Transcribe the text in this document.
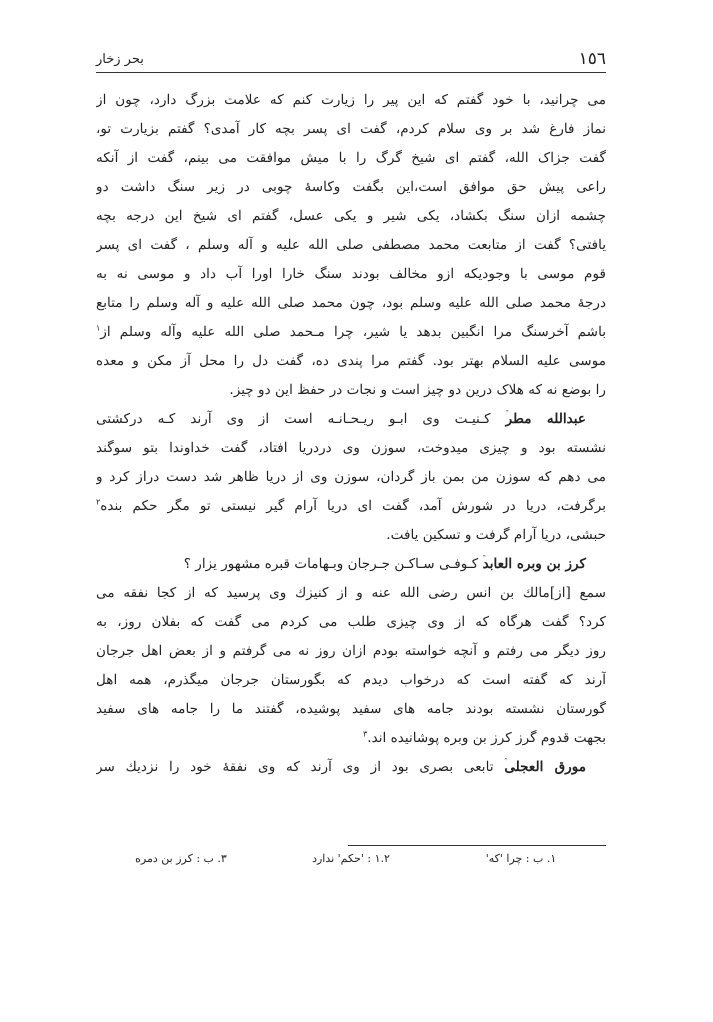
١٥٦
بحر زخار
می چرانید، با خود گفتم که این پیر را زیارت کنم که علامت بزرگ دارد، چون از
نماز فارغ شد بر وی سلام کردم، گفت ای پسر بچه کار آمدی؟ گفتم بزیارت تو،
گفت جزاک الله، گفتم ای شیخ گرگ را با میش موافقت می بینم، گفت از آنکه
راعی پیش حق موافق است،این بگفت وکاسهٔ چوبی در زیر سنگ داشت دو
چشمه ازان سنگ بکشاد، یکی شیر و یکی عسل، گفتم ای شیخ این درجه بچه
یافتی؟ گفت از متابعت محمد مصطفی صلی الله علیه و آله وسلم ، گفت ای پسر
قوم موسی با وجودیکه ازو مخالف بودند سنگ خارا اورا آب داد و موسی نه به
درجهٔ محمد صلی الله علیه وسلم بود، چون محمد صلی الله علیه و آله وسلم را متابع
باشم آخرسنگ مرا انگبین بدهد یا شیر، چرا مـحمد صلی الله علیه وآله وسلم از$^١$
موسی علیه السلام بهتر بود. گفتم مرا پندی ده، گفت دل را محل آز مکن و معده
را بوضع نه که هلاک درین دو چیز است و نجات در حفظ این دو چیز.
عبدالله مطر کـنیـت وی ابـو ریـحـانـه است از وی آرند کـه درکشتی
نشسته بود و چیزی میدوخت، سوزن وی دردریا افتاد، گفت خداوندا بتو سوگند
می دهم که سوزن من بمن باز گردان، سوزن وی از دریا ظاهر شد دست دراز کرد و
برگرفت، دریا در شورش آمد، گفت ای دریا آرام گیر نیستی تو مگر حکم بنده$^٢$
حبشی، دریا آرام گرفت و تسکین یافت.
کرز بن وبره العابد کـوفـی سـاکـن جـرجان وبـهامات قبره مشهور یزار ؟
سمع [از]مالك بن انس رضی الله عنه و از کنیزك وی پرسید که از کجا نفقه می
کرد؟ گفت هرگاه که از وی چیزی طلب می کردم می گفت که بفلان روز، به
روز دیگر می رفتم و آنچه خواسته بودم ازان روز نه می گرفتم و از بعض اهل جرجان
آرند که گفته است که درخواب دیدم که بگورستان جرجان میگذرم، همه اهل
گورستان نشسته بودند جامه های سفید پوشیده، گفتند ما را جامه های سفید
بجهت قدوم گرز کرز بن وبره پوشانیده اند.$^٣$
مورق العجلی تابعی بصری بود از وی آرند که وی نفقهٔ خود را نزدیك سر
١. ب : چرا 'که'
١.٢ : 'حکم' ندارد
٣. ب : کرز بن دمره
